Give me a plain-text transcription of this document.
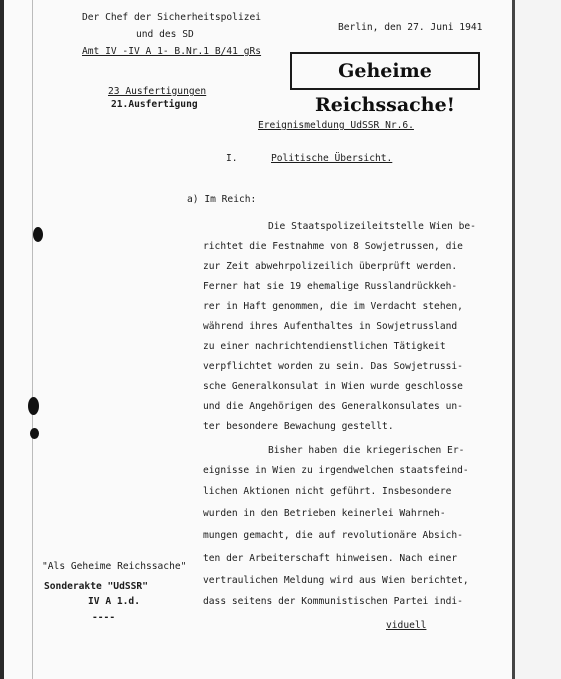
Der Chef der Sicherheitspolizei
und des SD
Amt IV -IV A 1- B.Nr.1 B/41 gRs
Berlin, den 27. Juni 1941
Geheime Reichssache!
23 Ausfertigungen
21.Ausfertigung
Ereignismeldung UdSSR Nr.6.
I.	Politische Übersicht.
a) Im Reich:
Die Staatspolizeileitstelle Wien be-
richtet die Festnahme von 8 Sowjetrussen, die
zur Zeit abwehrpolizeilich überprüft werden.
Ferner hat sie 19 ehemalige Russlandrückkeh-
rer in Haft genommen, die im Verdacht stehen,
während ihres Aufenthaltes in Sowjetrussland
zu einer nachrichtendienstlichen Tätigkeit
verpflichtet worden zu sein. Das Sowjetrussi-
sche Generalkonsulat in Wien wurde geschlosse
und die Angehörigen des Generalkonsulates un-
ter besondere Bewachung gestellt.
Bisher haben die kriegerischen Er-
eignisse in Wien zu irgendwelchen staatsfeind-
lichen Aktionen nicht geführt. Insbesondere
wurden in den Betrieben keinerlei Wahrneh-
mungen gemacht, die auf revolutionäre Absich-
ten der Arbeiterschaft hinweisen. Nach einer
vertraulichen Meldung wird aus Wien berichtet,
dass seitens der Kommunistischen Partei indi-
viduell
"Als Geheime Reichssache"
Sonderakte "UdSSR"
IV A 1.d.
----
